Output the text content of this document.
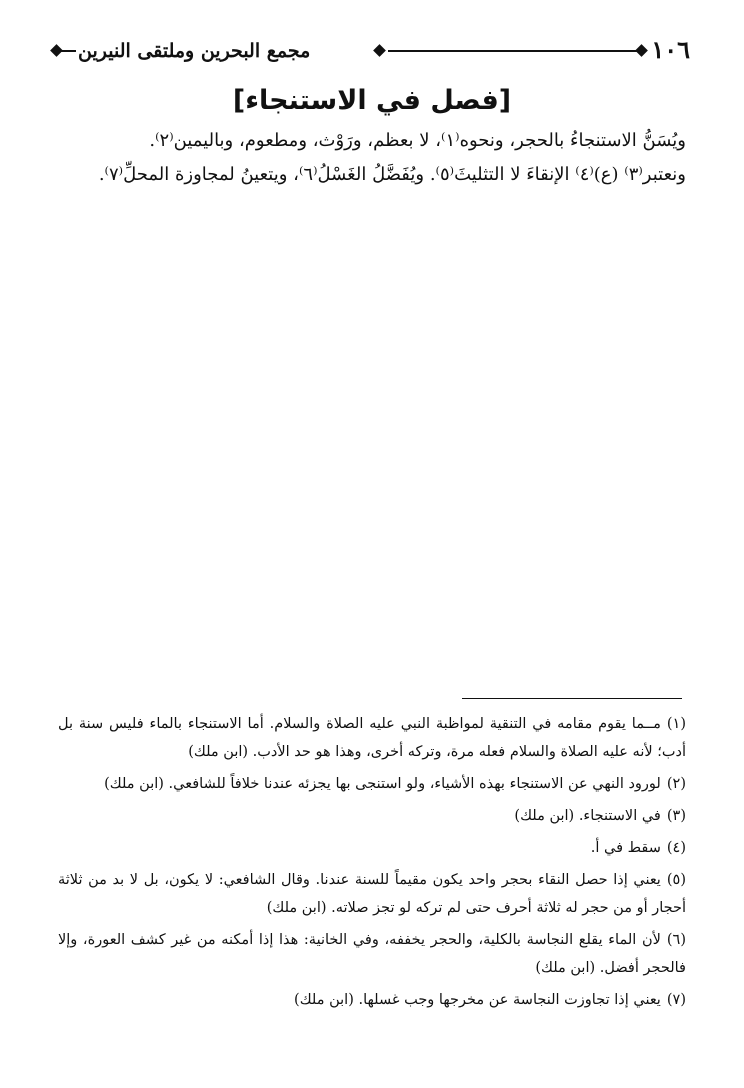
١٠٦
مجمع البحرين وملتقى النيرين
[فصل في الاستنجاء]
ويُسَنُّ الاستنجاءُ بالحجر، ونحوه⁽١⁾، لا بعظم، ورَوْث، ومطعوم، وباليمين⁽٢⁾.
ونعتبر⁽٣⁾ (ع)⁽٤⁾ الإنقاءَ لا التثليثَ⁽٥⁾. ويُفَضَّلُ الغَسْلُ⁽٦⁾، ويتعينُ لمجاوزة المحلِّ⁽٧⁾.
(١)مــما يقوم مقامه في التنقية لمواظبة النبي عليه الصلاة والسلام. أما الاستنجاء بالماء فليس سنة بل أدب؛ لأنه عليه الصلاة والسلام فعله مرة، وتركه أخرى، وهذا هو حد الأدب. (ابن ملك)
(٢)لورود النهي عن الاستنجاء بهذه الأشياء، ولو استنجى بها يجزئه عندنا خلافاً للشافعي. (ابن ملك)
(٣)في الاستنجاء. (ابن ملك)
(٤)سقط في أ.
(٥)يعني إذا حصل النقاء بحجر واحد يكون مقيماً للسنة عندنا. وقال الشافعي: لا يكون، بل لا بد من ثلاثة أحجار أو من حجر له ثلاثة أحرف حتى لم تركه لو تجز صلاته. (ابن ملك)
(٦)لأن الماء يقلع النجاسة بالكلية، والحجر يخففه، وفي الخانية: هذا إذا أمكنه من غير كشف العورة، وإلا فالحجر أفضل. (ابن ملك)
(٧)يعني إذا تجاوزت النجاسة عن مخرجها وجب غسلها. (ابن ملك)
